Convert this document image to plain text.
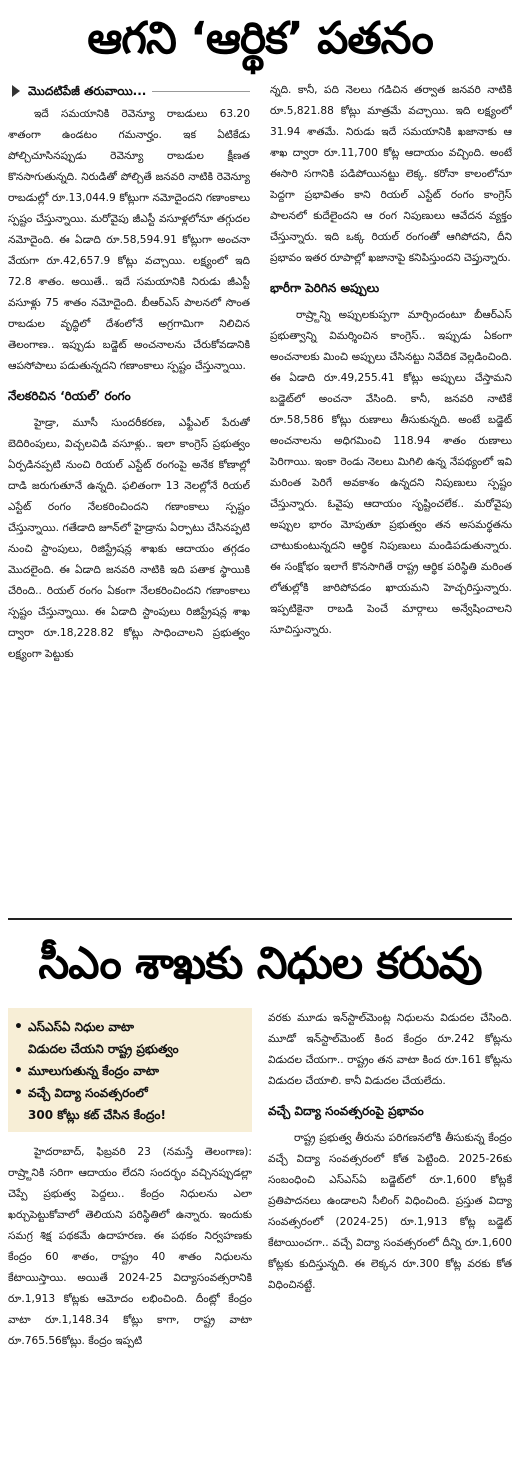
ఆగని ‘ఆర్థిక’ పతనం
మొదటిపేజీ తరువాయి...

ఇదే సమయానికి రెవెన్యూ రాబడులు 63.20 శాతంగా ఉండటం గమనార్హం. ఇక ఏటికేడు పోల్చిచూసినప్పుడు రెవెన్యూ రాబడుల క్షీణత కొనసాగుతున్నది. నిరుడితో పోల్చితే జనవరి నాటికి రెవెన్యూ రాబడుల్లో రూ.13,044.9 కోట్లుగా నమోదైందని గణాంకాలు స్పష్టం చేస్తున్నాయి. మరోవైపు జీఎస్టీ వసూళ్లలోనూ తగ్గుదల నమోదైంది. ఈ ఏడాది రూ.58,594.91 కోట్లుగా అంచనా వేయగా రూ.42,657.9 కోట్లు వచ్చాయి. లక్ష్యంలో ఇది 72.8 శాతం. అయితే.. ఇదే సమయానికి నిరుడు జీఎస్టీ వసూళ్లు 75 శాతం నమోదైంది. బీఆర్ఎస్ పాలనలో సొంత రాబడుల వృద్ధిలో దేశంలోనే అగ్రగామిగా నిలిచిన తెలంగాణ.. ఇప్పుడు బడ్జెట్ అంచనాలను చేరుకోవడానికి ఆపసోపాలు పడుతున్నదని గణాంకాలు స్పష్టం చేస్తున్నాయి.

నేలకరిచిన ‘రియల్’ రంగం

హైడ్రా, మూసీ సుందరీకరణ, ఎఫ్టీఎల్ పేరుతో బెదిరింపులు, విచ్చలవిడి వసూళ్లు.. ఇలా కాంగ్రెస్ ప్రభుత్వం ఏర్పడినప్పటి నుంచి రియల్ ఎస్టేట్ రంగంపై అనేక కోణాల్లో దాడి జరుగుతూనే ఉన్నది. ఫలితంగా 13 నెలల్లోనే రియల్ ఎస్టేట్ రంగం నేలకరించిందని గణాంకాలు స్పష్టం చేస్తున్నాయి. గతేడాది జూన్‌లో హైడ్రాను ఏర్పాటు చేసినప్పటి నుంచి స్టాంపులు, రిజిస్ట్రేషన్ల శాఖకు ఆదాయం తగ్గడం మొదలైంది. ఈ ఏడాది జనవరి నాటికి ఇది పతాక స్థాయికి చేరింది.. రియల్ రంగం ఏకంగా నేలకరించిందని గణాంకాలు స్పష్టం చేస్తున్నాయి. ఈ ఏడాది స్టాంపులు రిజిస్ట్రేషన్ల శాఖ ద్వారా రూ.18,228.82 కోట్లు సాధించాలని ప్రభుత్వం లక్ష్యంగా పెట్టుకు

న్నది. కానీ, పది నెలలు గడిచిన తర్వాత జనవరి నాటికి రూ.5,821.88 కోట్లు మాత్రమే వచ్చాయి. ఇది లక్ష్యంలో 31.94 శాతమే. నిరుడు ఇదే సమయానికి ఖజానాకు ఆ శాఖ ద్వారా రూ.11,700 కోట్ల ఆదాయం వచ్చింది. అంటే ఈసారి సగానికి పడిపోయినట్టు లెక్క. కరోనా కాలంలోనూ పెద్దగా ప్రభావితం కాని రియల్ ఎస్టేట్ రంగం కాంగ్రెస్ పాలనలో కుదేలైందని ఆ రంగ నిపుణులు ఆవేదన వ్యక్తం చేస్తున్నారు. ఇది ఒక్క రియల్ రంగంతో ఆగిపోదని, దీని ప్రభావం ఇతర రూపాల్లో ఖజానాపై కనిపిస్తుందని చెప్తున్నారు.

భారీగా పెరిగిన అప్పులు

రాష్ర్టాన్ని అప్పులకుప్పగా మార్చిందంటూ బీఆర్ఎస్ ప్రభుత్వాన్ని విమర్శించిన కాంగ్రెస్.. ఇప్పుడు ఏకంగా అంచనాలకు మించి అప్పులు చేసినట్టు నివేదిక వెల్లడించింది. ఈ ఏడాది రూ.49,255.41 కోట్లు అప్పులు చేస్తామని బడ్జెట్‌లో అంచనా వేసింది. కానీ, జనవరి నాటికే రూ.58,586 కోట్లు రుణాలు తీసుకున్నది. అంటే బడ్జెట్ అంచనాలను అధిగమించి 118.94 శాతం రుణాలు పెరిగాయి. ఇంకా రెండు నెలలు మిగిలి ఉన్న నేపథ్యంలో ఇవి మరింత పెరిగే అవకాశం ఉన్నదని నిపుణులు స్పష్టం చేస్తున్నారు. ఓవైపు ఆదాయం సృష్టించలేక.. మరోవైపు అప్పుల భారం మోపుతూ ప్రభుత్వం తన అసమర్థతను చాటుకుంటున్నదని ఆర్థిక నిపుణులు మండిపడుతున్నారు. ఈ సంక్షోభం ఇలాగే కొనసాగితే రాష్ట్ర ఆర్థిక పరిస్థితి మరింత లోతుల్లోకి జారిపోవడం ఖాయమని హెచ్చరిస్తున్నారు. ఇప్పటికైనా రాబడి పెంచే మార్గాలు అన్వేషించాలని సూచిస్తున్నారు.

సీఎం శాఖకు నిధుల కరువు
• ఎస్ఎస్ఏ నిధుల వాటా
విడుదల చేయని రాష్ట్ర ప్రభుత్వం
• మూలుగుతున్న కేంద్రం వాటా
• వచ్చే విద్యా సంవత్సరంలో
300 కోట్లు కట్ చేసిన కేంద్రం!

హైదరాబాద్, ఫిబ్రవరి 23 (నమస్తే తెలంగాణ): రాష్ర్టానికి సరిగా ఆదాయం లేదని సందర్భం వచ్చినప్పుడల్లా చెప్పే ప్రభుత్వ పెద్దలు.. కేంద్రం నిధులను ఎలా ఖర్చుపెట్టుకోవాలో తెలియని పరిస్థితిలో ఉన్నారు. ఇందుకు సమగ్ర శిక్ష పథకమే ఉదాహరణ. ఈ పథకం నిర్వహణకు కేంద్రం 60 శాతం, రాష్ట్రం 40 శాతం నిధులను కేటాయిస్తాయి. అయితే 2024-25 విద్యాసంవత్సరానికి రూ.1,913 కోట్లకు ఆమోదం లభించింది. దీంట్లో కేంద్రం వాటా రూ.1,148.34 కోట్లు కాగా, రాష్ట్ర వాటా రూ.765.56కోట్లు. కేంద్రం ఇప్పటి

వరకు మూడు ఇన్‌స్టాల్‌మెంట్ల నిధులను విడుదల చేసింది. మూడో ఇన్‌స్టాల్‌మెంట్ కింద కేంద్రం రూ.242 కోట్లను విడుదల చేయగా.. రాష్ట్రం తన వాటా కింద రూ.161 కోట్లను విడుదల చేయాలి. కానీ విడుదల చేయలేదు.

వచ్చే విద్యా సంవత్సరంపై ప్రభావం

రాష్ట్ర ప్రభుత్వ తీరును పరిగణనలోకి తీసుకున్న కేంద్రం వచ్చే విద్యా సంవత్సరంలో కోత పెట్టింది. 2025-26కు సంబంధించి ఎస్ఎస్ఏ బడ్జెట్‌లో రూ.1,600 కోట్లకే ప్రతిపాదనలు ఉండాలని సీలింగ్ విధించింది. ప్రస్తుత విద్యా సంవత్సరంలో (2024-25) రూ.1,913 కోట్ల బడ్జెట్ కేటాయించగా.. వచ్చే విద్యా సంవత్సరంలో దీన్ని రూ.1,600 కోట్లకు కుదిస్తున్నది. ఈ లెక్కన రూ.300 కోట్ల వరకు కోత విధించినట్టే.
